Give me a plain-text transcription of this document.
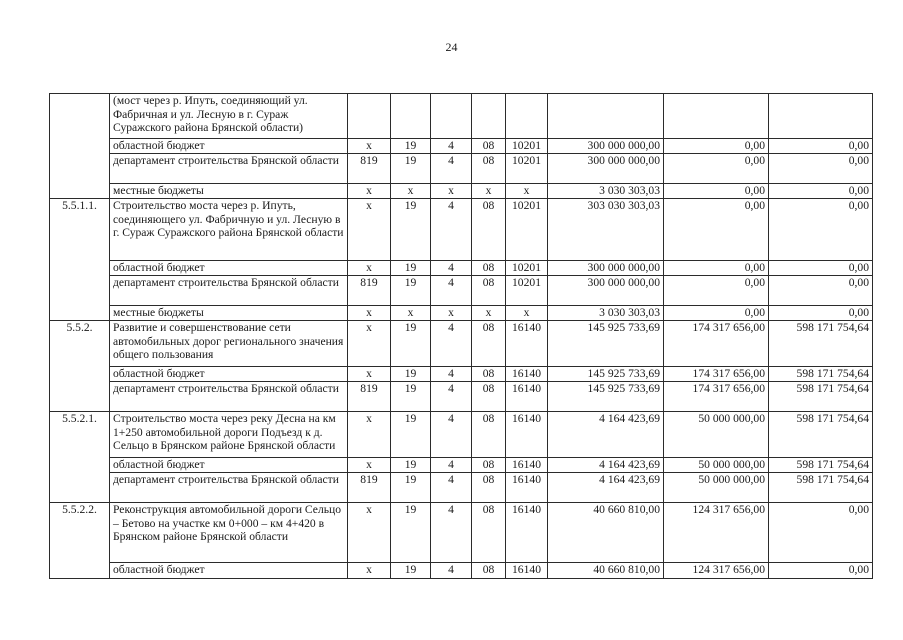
24
	(мост через р. Ипуть, соединяющий ул. Фабричная и ул. Лесную в г. Сураж Суражского района Брянской области)								
	областной бюджет	х	19	4	08	10201	300 000 000,00	0,00	0,00
	департамент строительства Брянской области	819	19	4	08	10201	300 000 000,00	0,00	0,00
	местные бюджеты	х	х	х	х	х	3 030 303,03	0,00	0,00
5.5.1.1.	Строительство моста через р. Ипуть, соединяющего ул. Фабричную и ул. Лесную в г. Сураж Суражского района Брянской области	х	19	4	08	10201	303 030 303,03	0,00	0,00
	областной бюджет	х	19	4	08	10201	300 000 000,00	0,00	0,00
	департамент строительства Брянской области	819	19	4	08	10201	300 000 000,00	0,00	0,00
	местные бюджеты	х	х	х	х	х	3 030 303,03	0,00	0,00
5.5.2.	Развитие и совершенствование сети автомобильных дорог регионального значения общего пользования	х	19	4	08	16140	145 925 733,69	174 317 656,00	598 171 754,64
	областной бюджет	х	19	4	08	16140	145 925 733,69	174 317 656,00	598 171 754,64
	департамент строительства Брянской области	819	19	4	08	16140	145 925 733,69	174 317 656,00	598 171 754,64
5.5.2.1.	Строительство моста через реку Десна на км 1+250 автомобильной дороги Подъезд к д. Сельцо в Брянском районе Брянской области	х	19	4	08	16140	4 164 423,69	50 000 000,00	598 171 754,64
	областной бюджет	х	19	4	08	16140	4 164 423,69	50 000 000,00	598 171 754,64
	департамент строительства Брянской области	819	19	4	08	16140	4 164 423,69	50 000 000,00	598 171 754,64
5.5.2.2.	Реконструкция автомобильной дороги Сельцо – Бетово на участке км 0+000 – км 4+420 в Брянском районе Брянской области	х	19	4	08	16140	40 660 810,00	124 317 656,00	0,00
	областной бюджет	х	19	4	08	16140	40 660 810,00	124 317 656,00	0,00
